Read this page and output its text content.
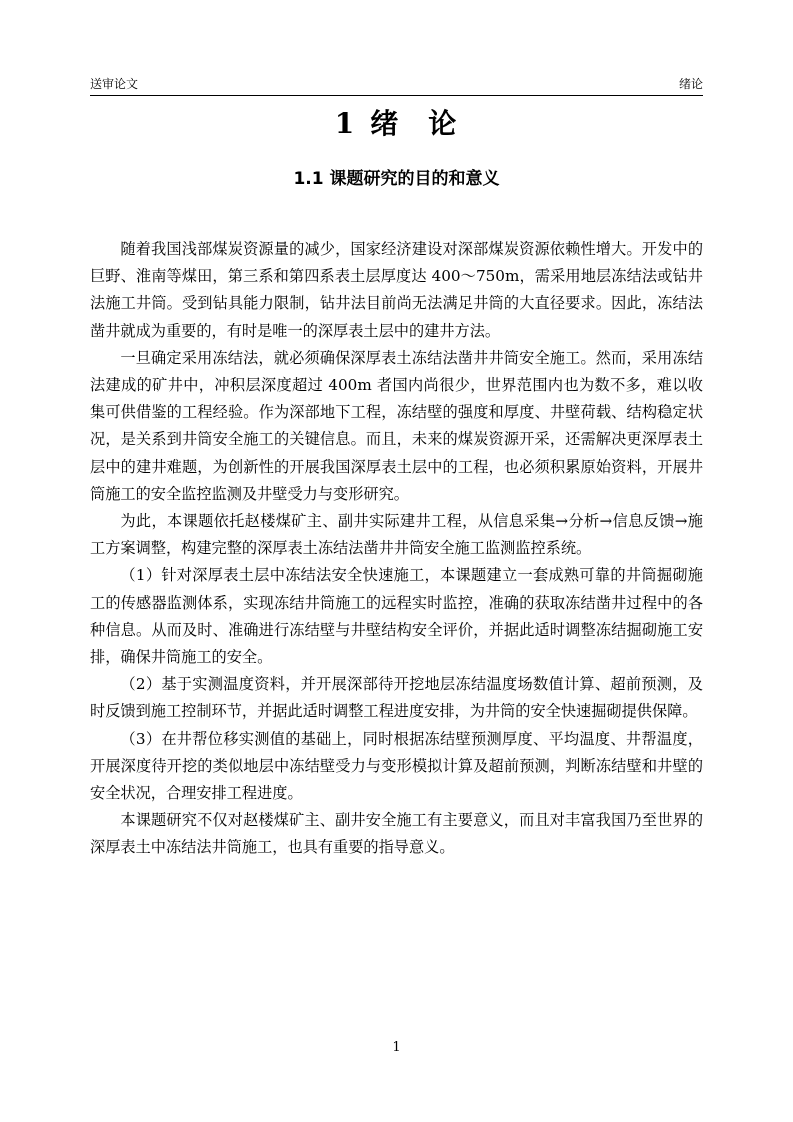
送审论文	绪论
1 绪 论
1.1 课题研究的目的和意义

随着我国浅部煤炭资源量的减少，国家经济建设对深部煤炭资源依赖性增大。开发中的巨野、淮南等煤田，第三系和第四系表土层厚度达 400～750m，需采用地层冻结法或钻井法施工井筒。受到钻具能力限制，钻井法目前尚无法满足井筒的大直径要求。因此，冻结法凿井就成为重要的，有时是唯一的深厚表土层中的建井方法。

一旦确定采用冻结法，就必须确保深厚表土冻结法凿井井筒安全施工。然而，采用冻结法建成的矿井中，冲积层深度超过 400m 者国内尚很少，世界范围内也为数不多，难以收集可供借鉴的工程经验。作为深部地下工程，冻结壁的强度和厚度、井壁荷载、结构稳定状况，是关系到井筒安全施工的关键信息。而且，未来的煤炭资源开采，还需解决更深厚表土层中的建井难题，为创新性的开展我国深厚表土层中的工程，也必须积累原始资料，开展井筒施工的安全监控监测及井壁受力与变形研究。

为此，本课题依托赵楼煤矿主、副井实际建井工程，从信息采集→分析→信息反馈→施工方案调整，构建完整的深厚表土冻结法凿井井筒安全施工监测监控系统。

（1）针对深厚表土层中冻结法安全快速施工，本课题建立一套成熟可靠的井筒掘砌施工的传感器监测体系，实现冻结井筒施工的远程实时监控，准确的获取冻结凿井过程中的各种信息。从而及时、准确进行冻结壁与井壁结构安全评价，并据此适时调整冻结掘砌施工安排，确保井筒施工的安全。

（2）基于实测温度资料，并开展深部待开挖地层冻结温度场数值计算、超前预测，及时反馈到施工控制环节，并据此适时调整工程进度安排，为井筒的安全快速掘砌提供保障。

（3）在井帮位移实测值的基础上，同时根据冻结壁预测厚度、平均温度、井帮温度，开展深度待开挖的类似地层中冻结壁受力与变形模拟计算及超前预测，判断冻结壁和井壁的安全状况，合理安排工程进度。

本课题研究不仅对赵楼煤矿主、副井安全施工有主要意义，而且对丰富我国乃至世界的深厚表土中冻结法井筒施工，也具有重要的指导意义。

1
